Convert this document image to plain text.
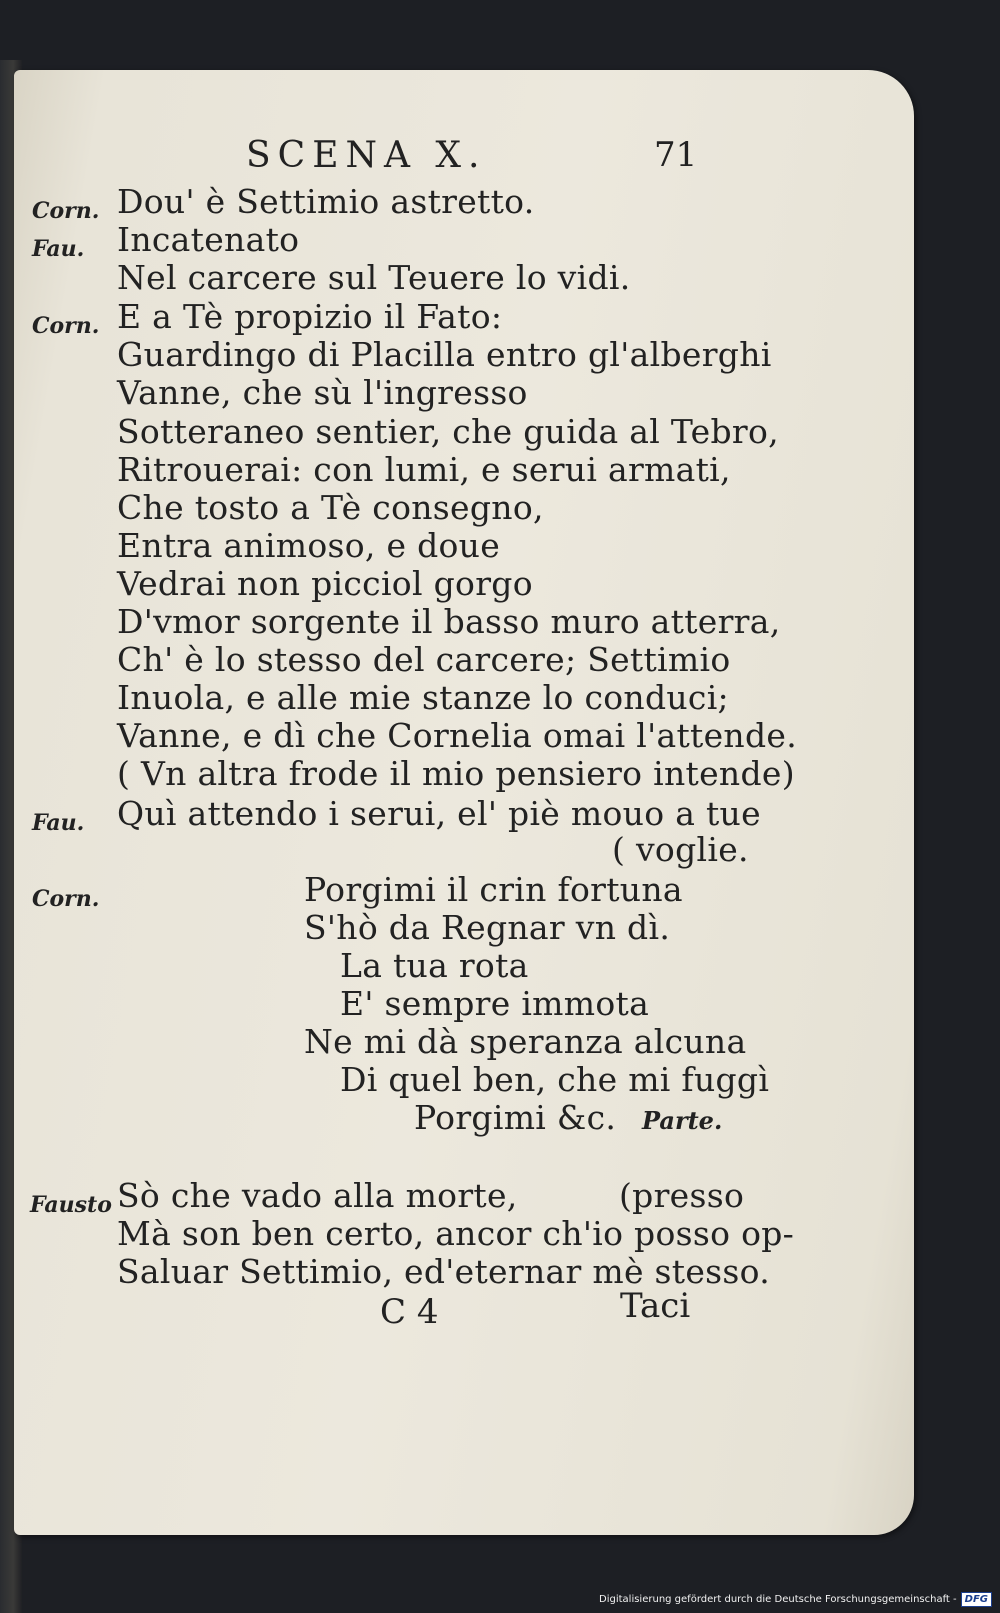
SCENA X.	71
Corn. Dou' è Settimio astretto.
Fau. Incatenato
Nel carcere sul Teuere lo vidi.
Corn. E a Tè propizio il Fato:
Guardingo di Placilla entro gl'alberghi
Vanne, che sù l'ingresso
Sotteraneo sentier, che guida al Tebro,
Ritrouerai: con lumi, e serui armati,
Che tosto a Tè consegno,
Entra animoso, e doue
Vedrai non picciol gorgo
D'vmor sorgente il basso muro atterra,
Ch' è lo stesso del carcere; Settimio
Inuola, e alle mie stanze lo conduci;
Vanne, e dì che Cornelia omai l'attende.
( Vn altra frode il mio pensiero intende)
Fau. Quì attendo i serui, el' piè mouo a tue
( voglie.
Corn.	Porgimi il crin fortuna
S'hò da Regnar vn dì.
La tua rota
E' sempre immota
Ne mi dà speranza alcuna
Di quel ben, che mi fuggì
Porgimi &c. Parte.
Fausto Sò che vado alla morte,	(presso
Mà son ben certo, ancor ch'io posso op-
Saluar Settimio, ed'eternar mè stesso.
C 4	Taci
Digitalisierung gefördert durch die Deutsche Forschungsgemeinschaft - DFG
